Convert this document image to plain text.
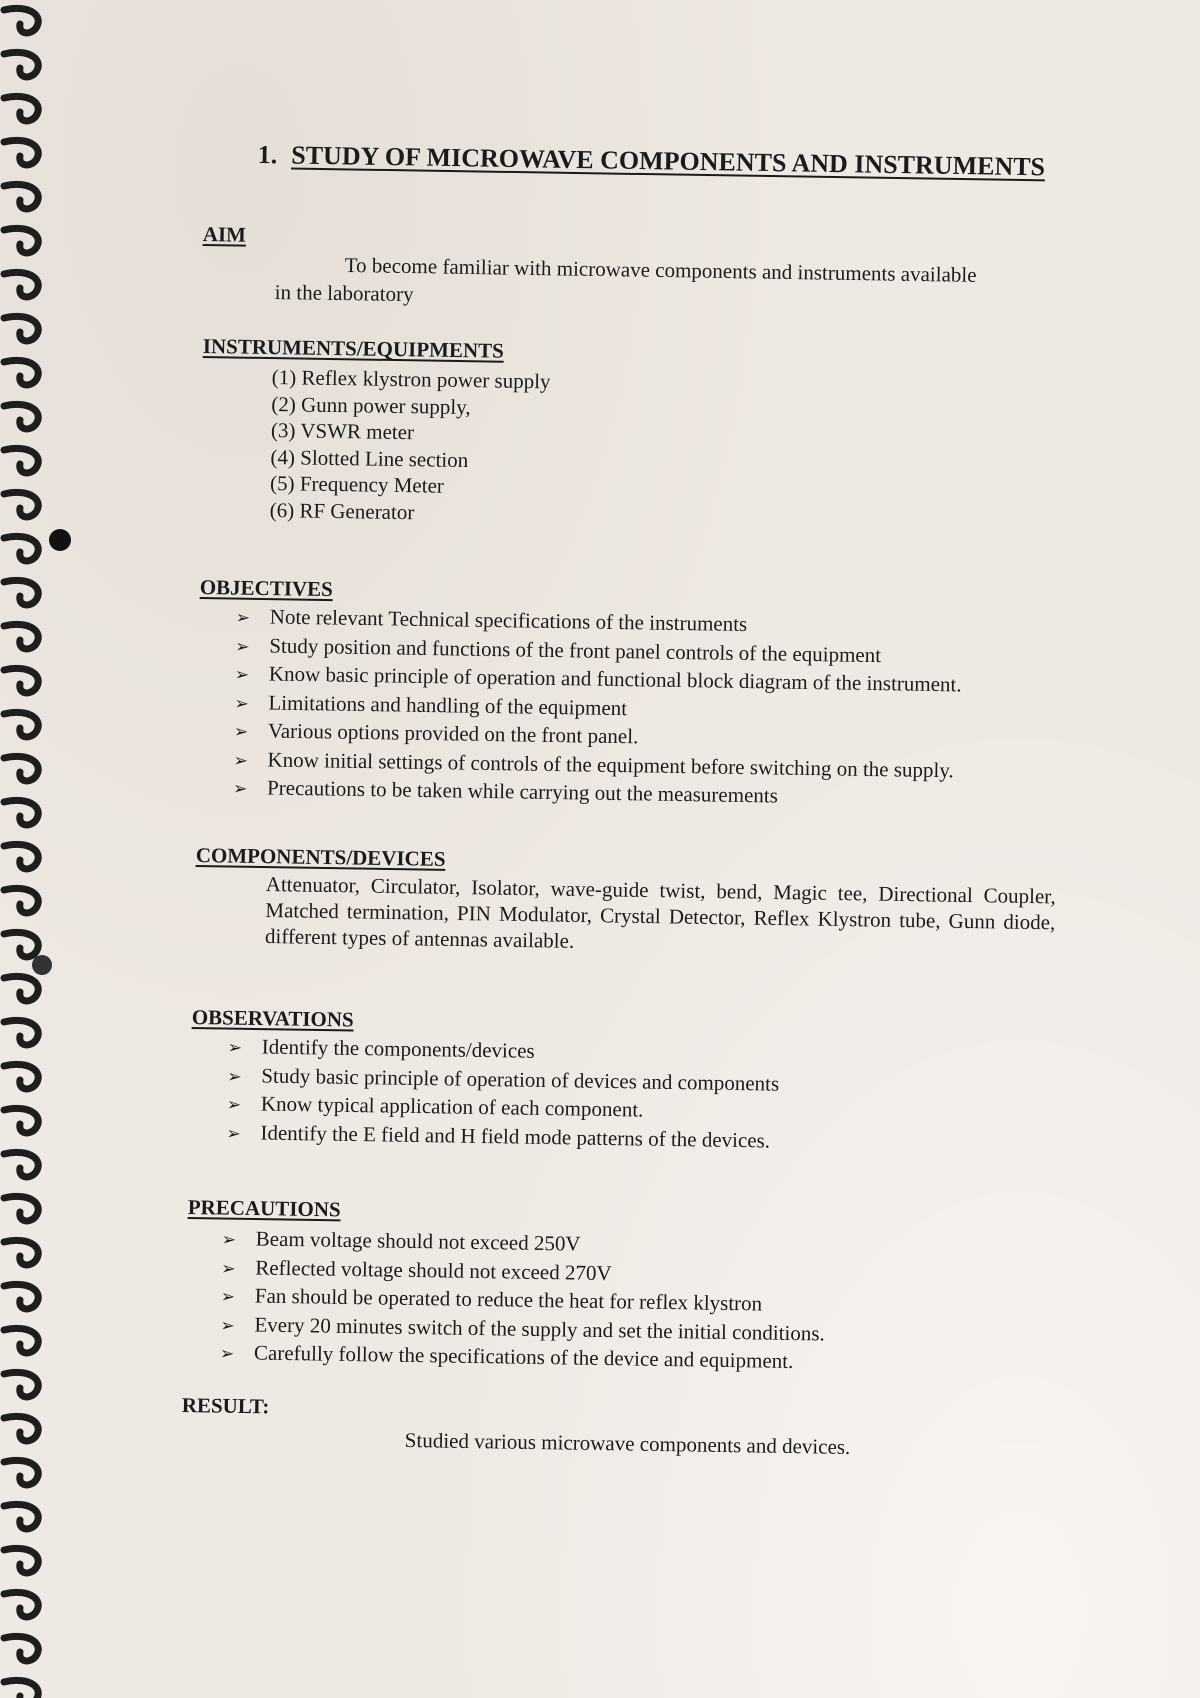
1. STUDY OF MICROWAVE COMPONENTS AND INSTRUMENTS
AIM
To become familiar with microwave components and instruments available
in the laboratory
INSTRUMENTS/EQUIPMENTS
(1) Reflex klystron power supply
(2) Gunn power supply,
(3) VSWR meter
(4) Slotted Line section
(5) Frequency Meter
(6) RF Generator
OBJECTIVES
➢ Note relevant Technical specifications of the instruments
➢ Study position and functions of the front panel controls of the equipment
➢ Know basic principle of operation and functional block diagram of the instrument.
➢ Limitations and handling of the equipment
➢ Various options provided on the front panel.
➢ Know initial settings of controls of the equipment before switching on the supply.
➢ Precautions to be taken while carrying out the measurements
COMPONENTS/DEVICES
Attenuator, Circulator, Isolator, wave-guide twist, bend, Magic tee, Directional Coupler, Matched termination, PIN Modulator, Crystal Detector, Reflex Klystron tube, Gunn diode, different types of antennas available.
OBSERVATIONS
➢ Identify the components/devices
➢ Study basic principle of operation of devices and components
➢ Know typical application of each component.
➢ Identify the E field and H field mode patterns of the devices.
PRECAUTIONS
➢ Beam voltage should not exceed 250V
➢ Reflected voltage should not exceed 270V
➢ Fan should be operated to reduce the heat for reflex klystron
➢ Every 20 minutes switch of the supply and set the initial conditions.
➢ Carefully follow the specifications of the device and equipment.
RESULT:
Studied various microwave components and devices.
